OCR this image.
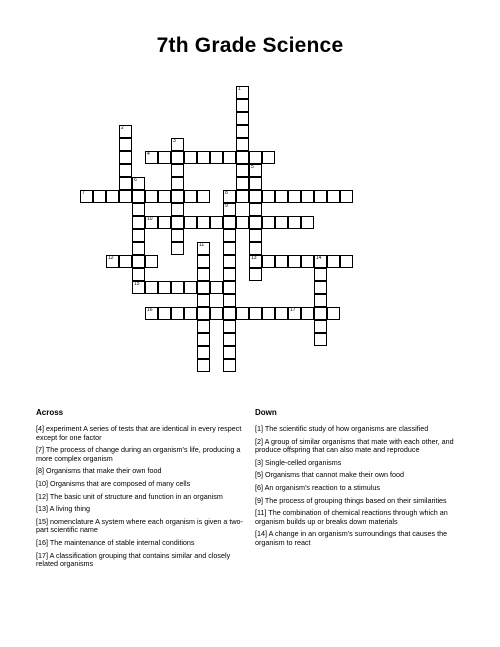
7th Grade Science
1
2
3
4
5
13
6
7	8
9
10
11
12	14
15
16	17
Across
[4] experiment A series of tests that are identical in every respect except for one factor
[7] The process of change during an organism’s life, producing a more complex organism
[8] Organisms that make their own food
[10] Organisms that are composed of many cells
[12] The basic unit of structure and function in an organism
[13] A living thing
[15] nomenclature A system where each organism is given a two-part scientific name
[16] The maintenance of stable internal conditions
[17] A classification grouping that contains similar and closely related organisms
Down
[1] The scientific study of how organisms are classified
[2] A group of similar organisms that mate with each other, and produce offspring that can also mate and reproduce
[3] Single-celled organisms
[5] Organisms that cannot make their own food
[6] An organism’s reaction to a stimulus
[9] The process of grouping things based on their similarities
[11] The combination of chemical reactions through which an organism builds up or breaks down materials
[14] A change in an organism’s surroundings that causes the organism to react
